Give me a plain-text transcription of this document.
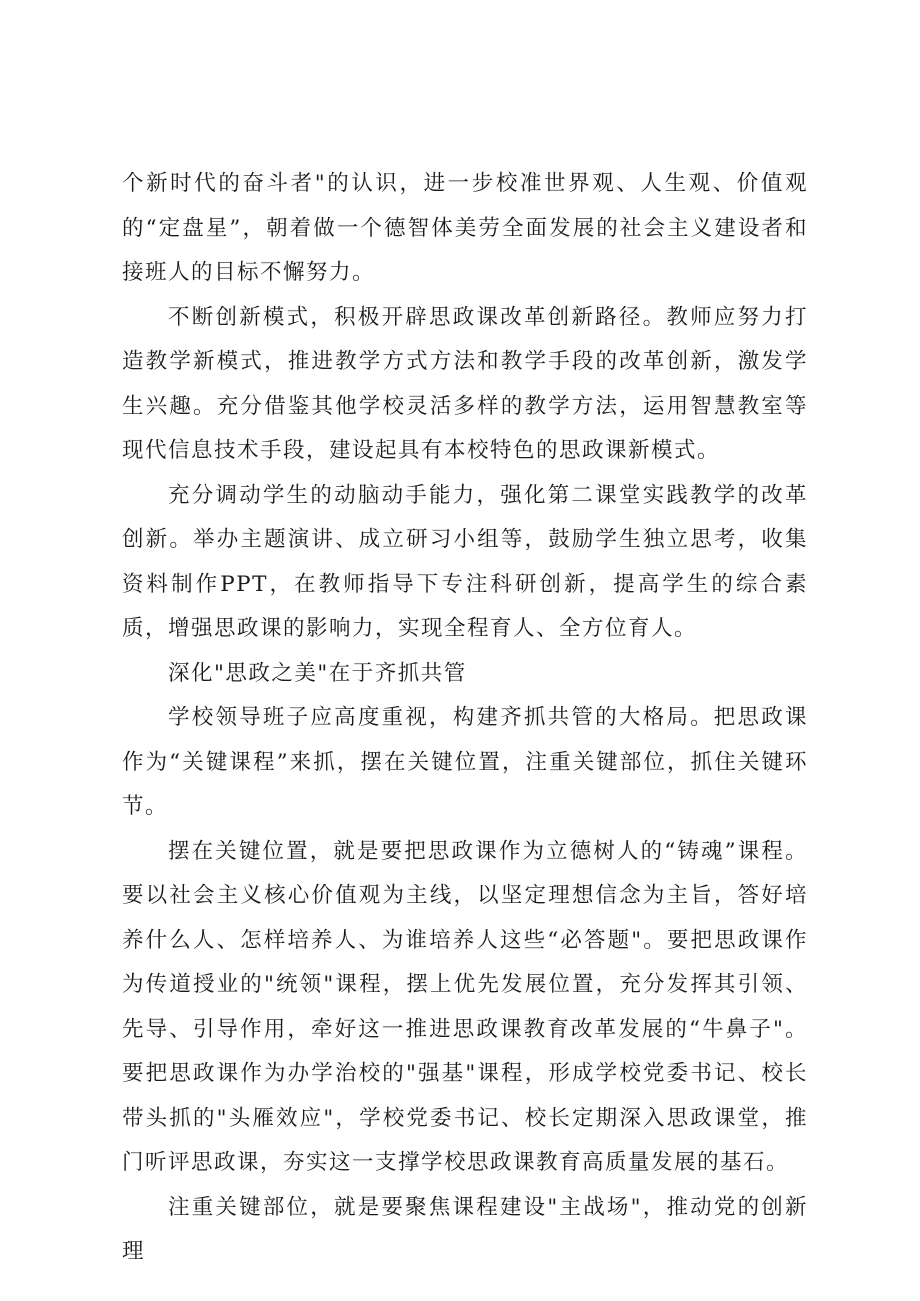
个新时代的奋斗者"的认识，进一步校准世界观、人生观、价值观的“定盘星”，朝着做一个德智体美劳全面发展的社会主义建设者和接班人的目标不懈努力。

不断创新模式，积极开辟思政课改革创新路径。教师应努力打造教学新模式，推进教学方式方法和教学手段的改革创新，激发学生兴趣。充分借鉴其他学校灵活多样的教学方法，运用智慧教室等现代信息技术手段，建设起具有本校特色的思政课新模式。

充分调动学生的动脑动手能力，强化第二课堂实践教学的改革创新。举办主题演讲、成立研习小组等，鼓励学生独立思考，收集资料制作PPT，在教师指导下专注科研创新，提高学生的综合素质，增强思政课的影响力，实现全程育人、全方位育人。

深化"思政之美"在于齐抓共管

学校领导班子应高度重视，构建齐抓共管的大格局。把思政课作为“关键课程”来抓，摆在关键位置，注重关键部位，抓住关键环节。

摆在关键位置，就是要把思政课作为立德树人的“铸魂”课程。要以社会主义核心价值观为主线，以坚定理想信念为主旨，答好培养什么人、怎样培养人、为谁培养人这些“必答题"。要把思政课作为传道授业的"统领"课程，摆上优先发展位置，充分发挥其引领、先导、引导作用，牵好这一推进思政课教育改革发展的“牛鼻子"。要把思政课作为办学治校的"强基"课程，形成学校党委书记、校长带头抓的"头雁效应"，学校党委书记、校长定期深入思政课堂，推门听评思政课，夯实这一支撑学校思政课教育高质量发展的基石。

注重关键部位，就是要聚焦课程建设"主战场"，推动党的创新理
